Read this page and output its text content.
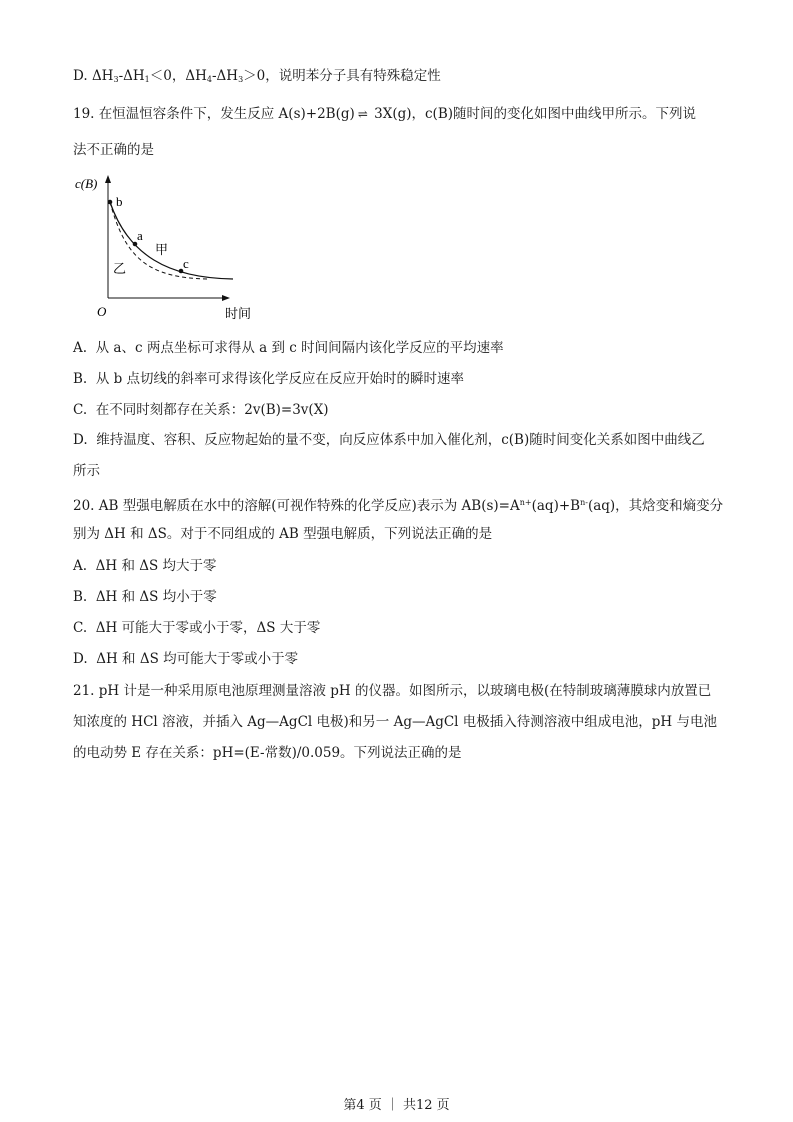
D. $\Delta H_3-\Delta H_1<0$，$\Delta H_4-\Delta H_3>0$，说明苯分子具有特殊稳定性
19. 在恒温恒容条件下，发生反应 A(s)+2B(g) ⇌ 3X(g)，c(B)随时间的变化如图中曲线甲所示。下列说
法不正确的是
c(B)
时间
O
b
a
c
甲
乙
A. 从 a、c 两点坐标可求得从 a 到 c 时间间隔内该化学反应的平均速率
B. 从 b 点切线的斜率可求得该化学反应在反应开始时的瞬时速率
C. 在不同时刻都存在关系：2v(B)=3v(X)
D. 维持温度、容积、反应物起始的量不变，向反应体系中加入催化剂，c(B)随时间变化关系如图中曲线乙
所示
20. AB 型强电解质在水中的溶解(可视作特殊的化学反应)表示为 $AB(s)=A^{n+}(aq)+B^{n-}(aq)$，其焓变和熵变分
别为 ΔH 和 ΔS。对于不同组成的 AB 型强电解质，下列说法正确的是
A. ΔH 和 ΔS 均大于零
B. ΔH 和 ΔS 均小于零
C. ΔH 可能大于零或小于零，ΔS 大于零
D. ΔH 和 ΔS 均可能大于零或小于零
21. pH 计是一种采用原电池原理测量溶液 pH 的仪器。如图所示，以玻璃电极(在特制玻璃薄膜球内放置已
知浓度的 HCl 溶液，并插入 Ag—AgCl 电极)和另一 Ag—AgCl 电极插入待测溶液中组成电池，pH 与电池
的电动势 E 存在关系：pH=(E-常数)/0.059。下列说法正确的是
第4 页 ｜ 共12 页
